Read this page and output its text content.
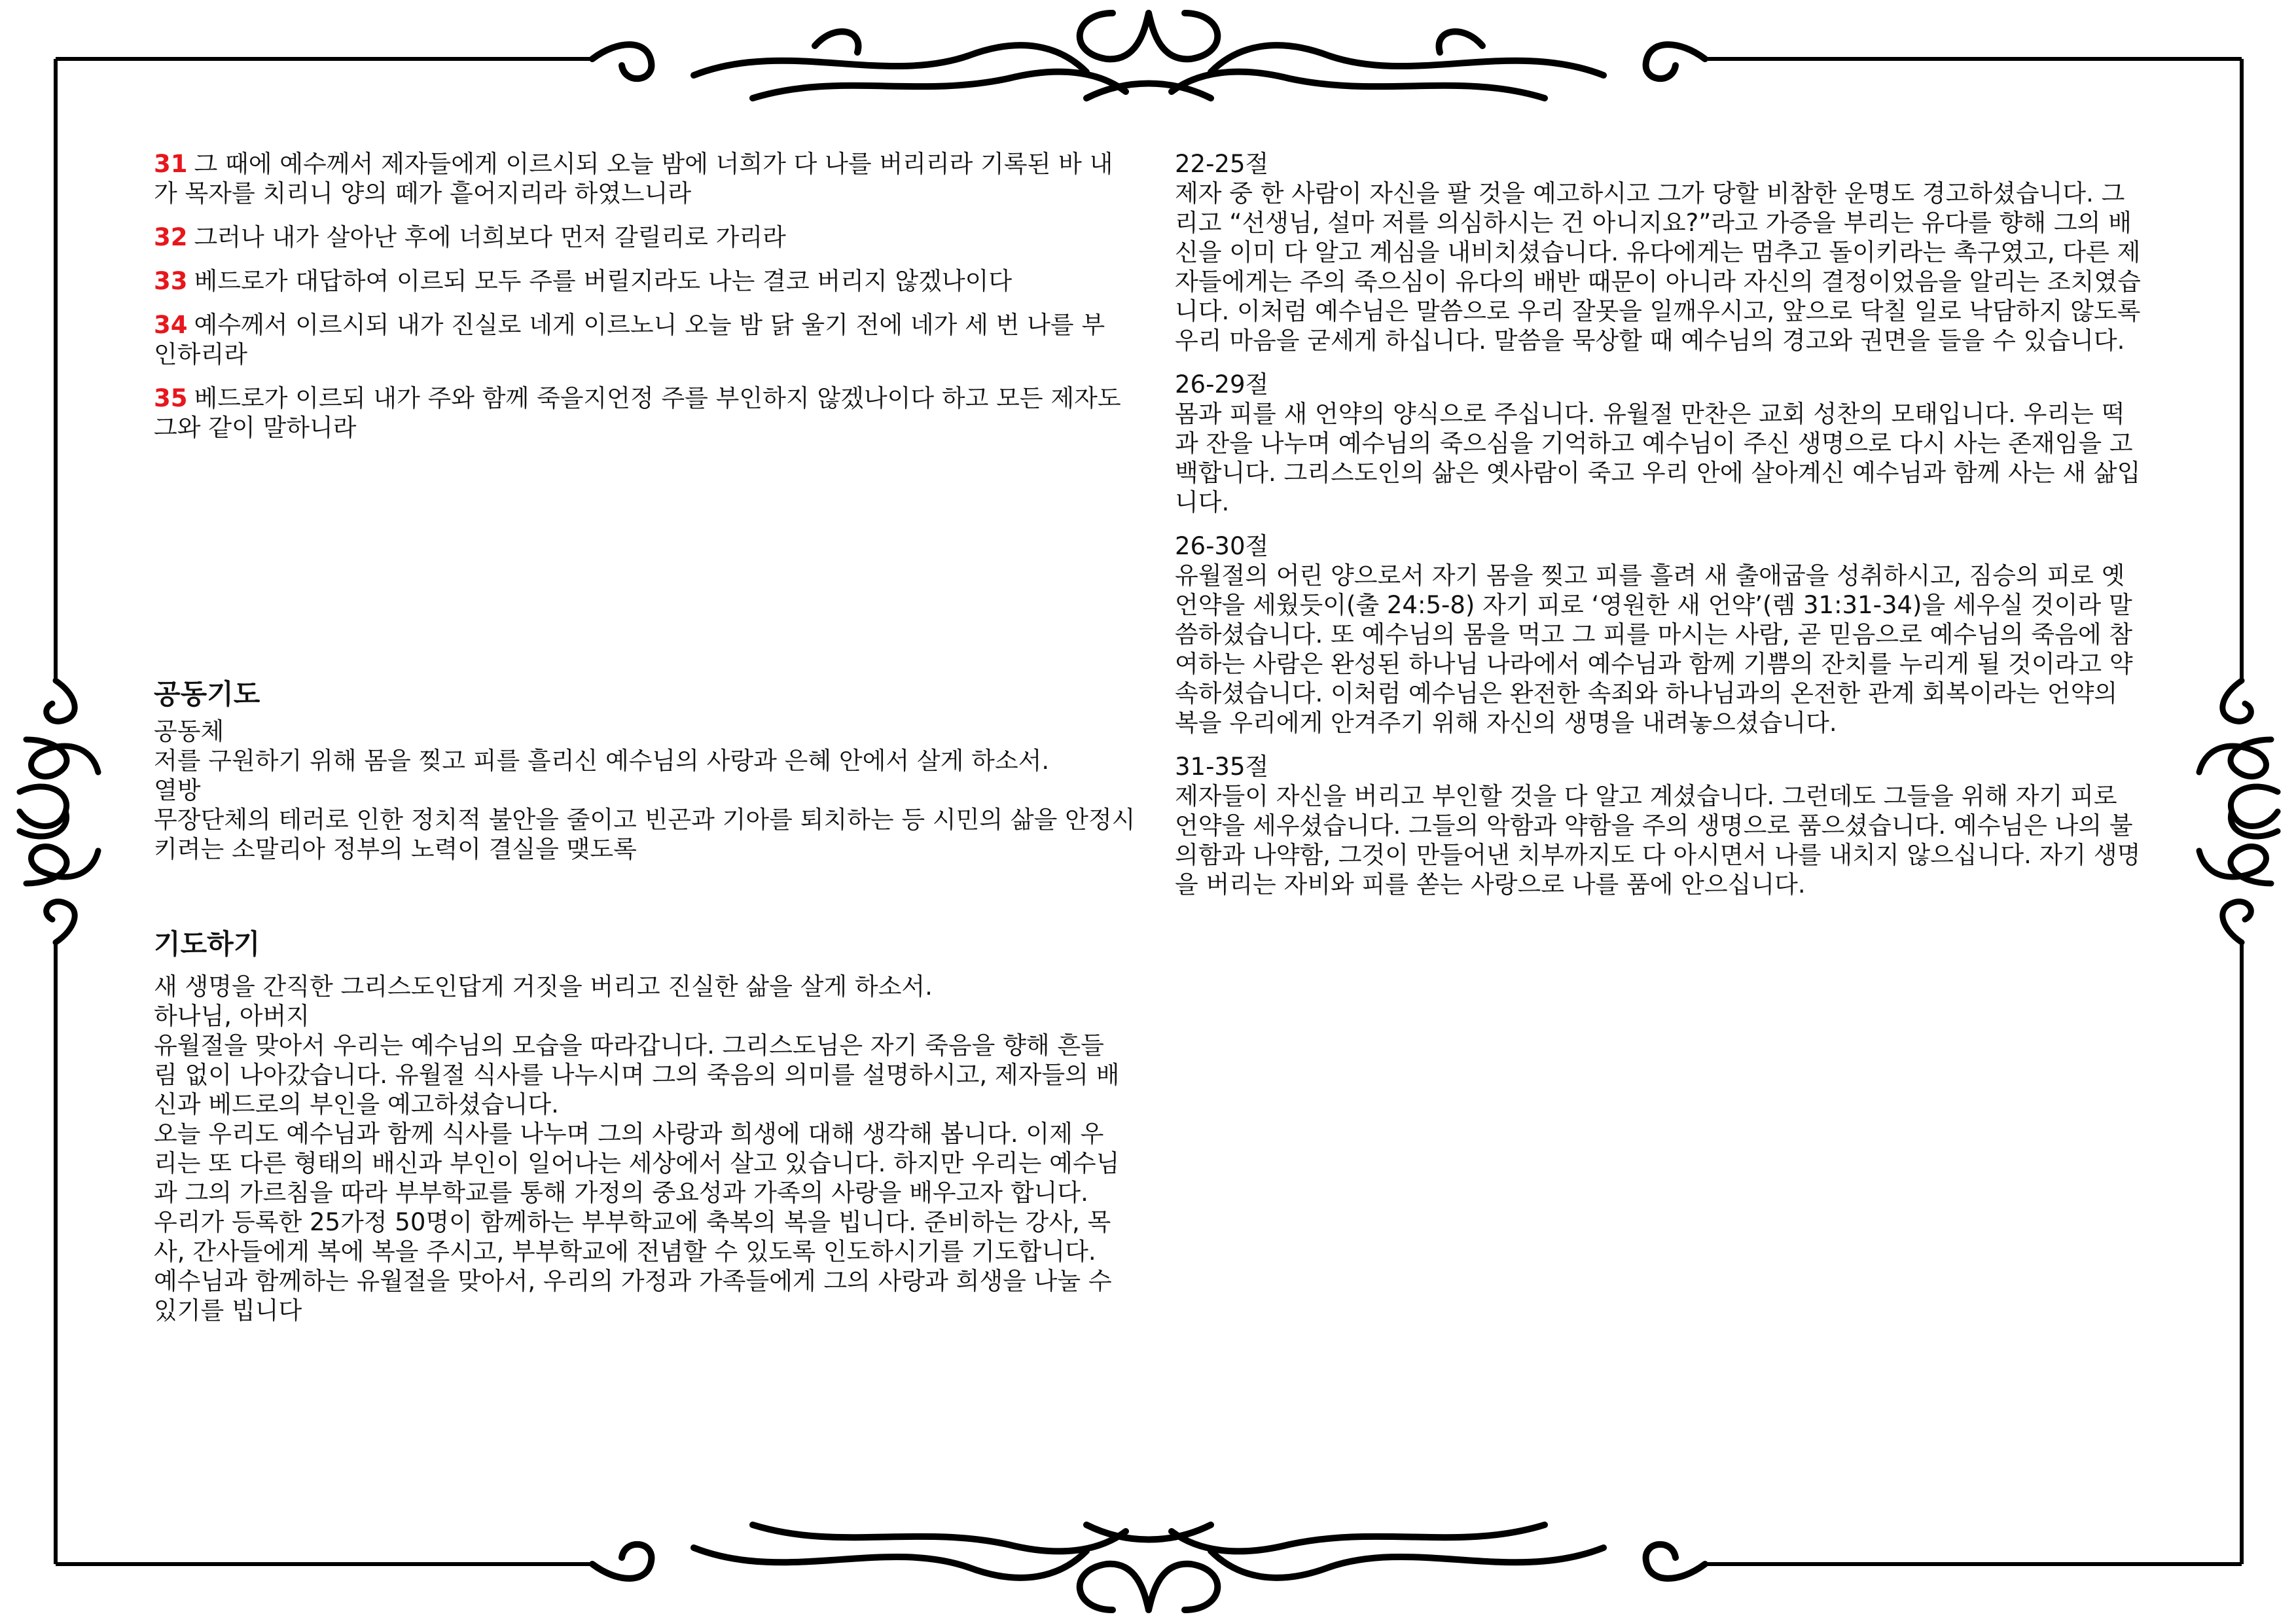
31 그 때에 예수께서 제자들에게 이르시되 오늘 밤에 너희가 다 나를 버리리라 기록된 바 내가 목자를 치리니 양의 떼가 흩어지리라 하였느니라

32 그러나 내가 살아난 후에 너희보다 먼저 갈릴리로 가리라

33 베드로가 대답하여 이르되 모두 주를 버릴지라도 나는 결코 버리지 않겠나이다

34 예수께서 이르시되 내가 진실로 네게 이르노니 오늘 밤 닭 울기 전에 네가 세 번 나를 부인하리라

35 베드로가 이르되 내가 주와 함께 죽을지언정 주를 부인하지 않겠나이다 하고 모든 제자도 그와 같이 말하니라

공동기도

공동체

저를 구원하기 위해 몸을 찢고 피를 흘리신 예수님의 사랑과 은혜 안에서 살게 하소서.

열방

무장단체의 테러로 인한 정치적 불안을 줄이고 빈곤과 기아를 퇴치하는 등 시민의 삶을 안정시키려는 소말리아 정부의 노력이 결실을 맺도록

기도하기

새 생명을 간직한 그리스도인답게 거짓을 버리고 진실한 삶을 살게 하소서.

하나님, 아버지

유월절을 맞아서 우리는 예수님의 모습을 따라갑니다. 그리스도님은 자기 죽음을 향해 흔들림 없이 나아갔습니다. 유월절 식사를 나누시며 그의 죽음의 의미를 설명하시고, 제자들의 배신과 베드로의 부인을 예고하셨습니다.

오늘 우리도 예수님과 함께 식사를 나누며 그의 사랑과 희생에 대해 생각해 봅니다. 이제 우리는 또 다른 형태의 배신과 부인이 일어나는 세상에서 살고 있습니다. 하지만 우리는 예수님과 그의 가르침을 따라 부부학교를 통해 가정의 중요성과 가족의 사랑을 배우고자 합니다.

우리가 등록한 25가정 50명이 함께하는 부부학교에 축복의 복을 빕니다. 준비하는 강사, 목사, 간사들에게 복에 복을 주시고, 부부학교에 전념할 수 있도록 인도하시기를 기도합니다. 예수님과 함께하는 유월절을 맞아서, 우리의 가정과 가족들에게 그의 사랑과 희생을 나눌 수 있기를 빕니다

22-25절

제자 중 한 사람이 자신을 팔 것을 예고하시고 그가 당할 비참한 운명도 경고하셨습니다. 그리고 “선생님, 설마 저를 의심하시는 건 아니지요?”라고 가증을 부리는 유다를 향해 그의 배신을 이미 다 알고 계심을 내비치셨습니다. 유다에게는 멈추고 돌이키라는 촉구였고, 다른 제자들에게는 주의 죽으심이 유다의 배반 때문이 아니라 자신의 결정이었음을 알리는 조치였습니다. 이처럼 예수님은 말씀으로 우리 잘못을 일깨우시고, 앞으로 닥칠 일로 낙담하지 않도록 우리 마음을 굳세게 하십니다. 말씀을 묵상할 때 예수님의 경고와 권면을 들을 수 있습니다.

26-29절

몸과 피를 새 언약의 양식으로 주십니다. 유월절 만찬은 교회 성찬의 모태입니다. 우리는 떡과 잔을 나누며 예수님의 죽으심을 기억하고 예수님이 주신 생명으로 다시 사는 존재임을 고백합니다. 그리스도인의 삶은 옛사람이 죽고 우리 안에 살아계신 예수님과 함께 사는 새 삶입니다.

26-30절

유월절의 어린 양으로서 자기 몸을 찢고 피를 흘려 새 출애굽을 성취하시고, 짐승의 피로 옛 언약을 세웠듯이(출 24:5-8) 자기 피로 ‘영원한 새 언약’(렘 31:31-34)을 세우실 것이라 말씀하셨습니다. 또 예수님의 몸을 먹고 그 피를 마시는 사람, 곧 믿음으로 예수님의 죽음에 참여하는 사람은 완성된 하나님 나라에서 예수님과 함께 기쁨의 잔치를 누리게 될 것이라고 약속하셨습니다. 이처럼 예수님은 완전한 속죄와 하나님과의 온전한 관계 회복이라는 언약의 복을 우리에게 안겨주기 위해 자신의 생명을 내려놓으셨습니다.

31-35절

제자들이 자신을 버리고 부인할 것을 다 알고 계셨습니다. 그런데도 그들을 위해 자기 피로 언약을 세우셨습니다. 그들의 악함과 약함을 주의 생명으로 품으셨습니다. 예수님은 나의 불의함과 나약함, 그것이 만들어낸 치부까지도 다 아시면서 나를 내치지 않으십니다. 자기 생명을 버리는 자비와 피를 쏟는 사랑으로 나를 품에 안으십니다.
